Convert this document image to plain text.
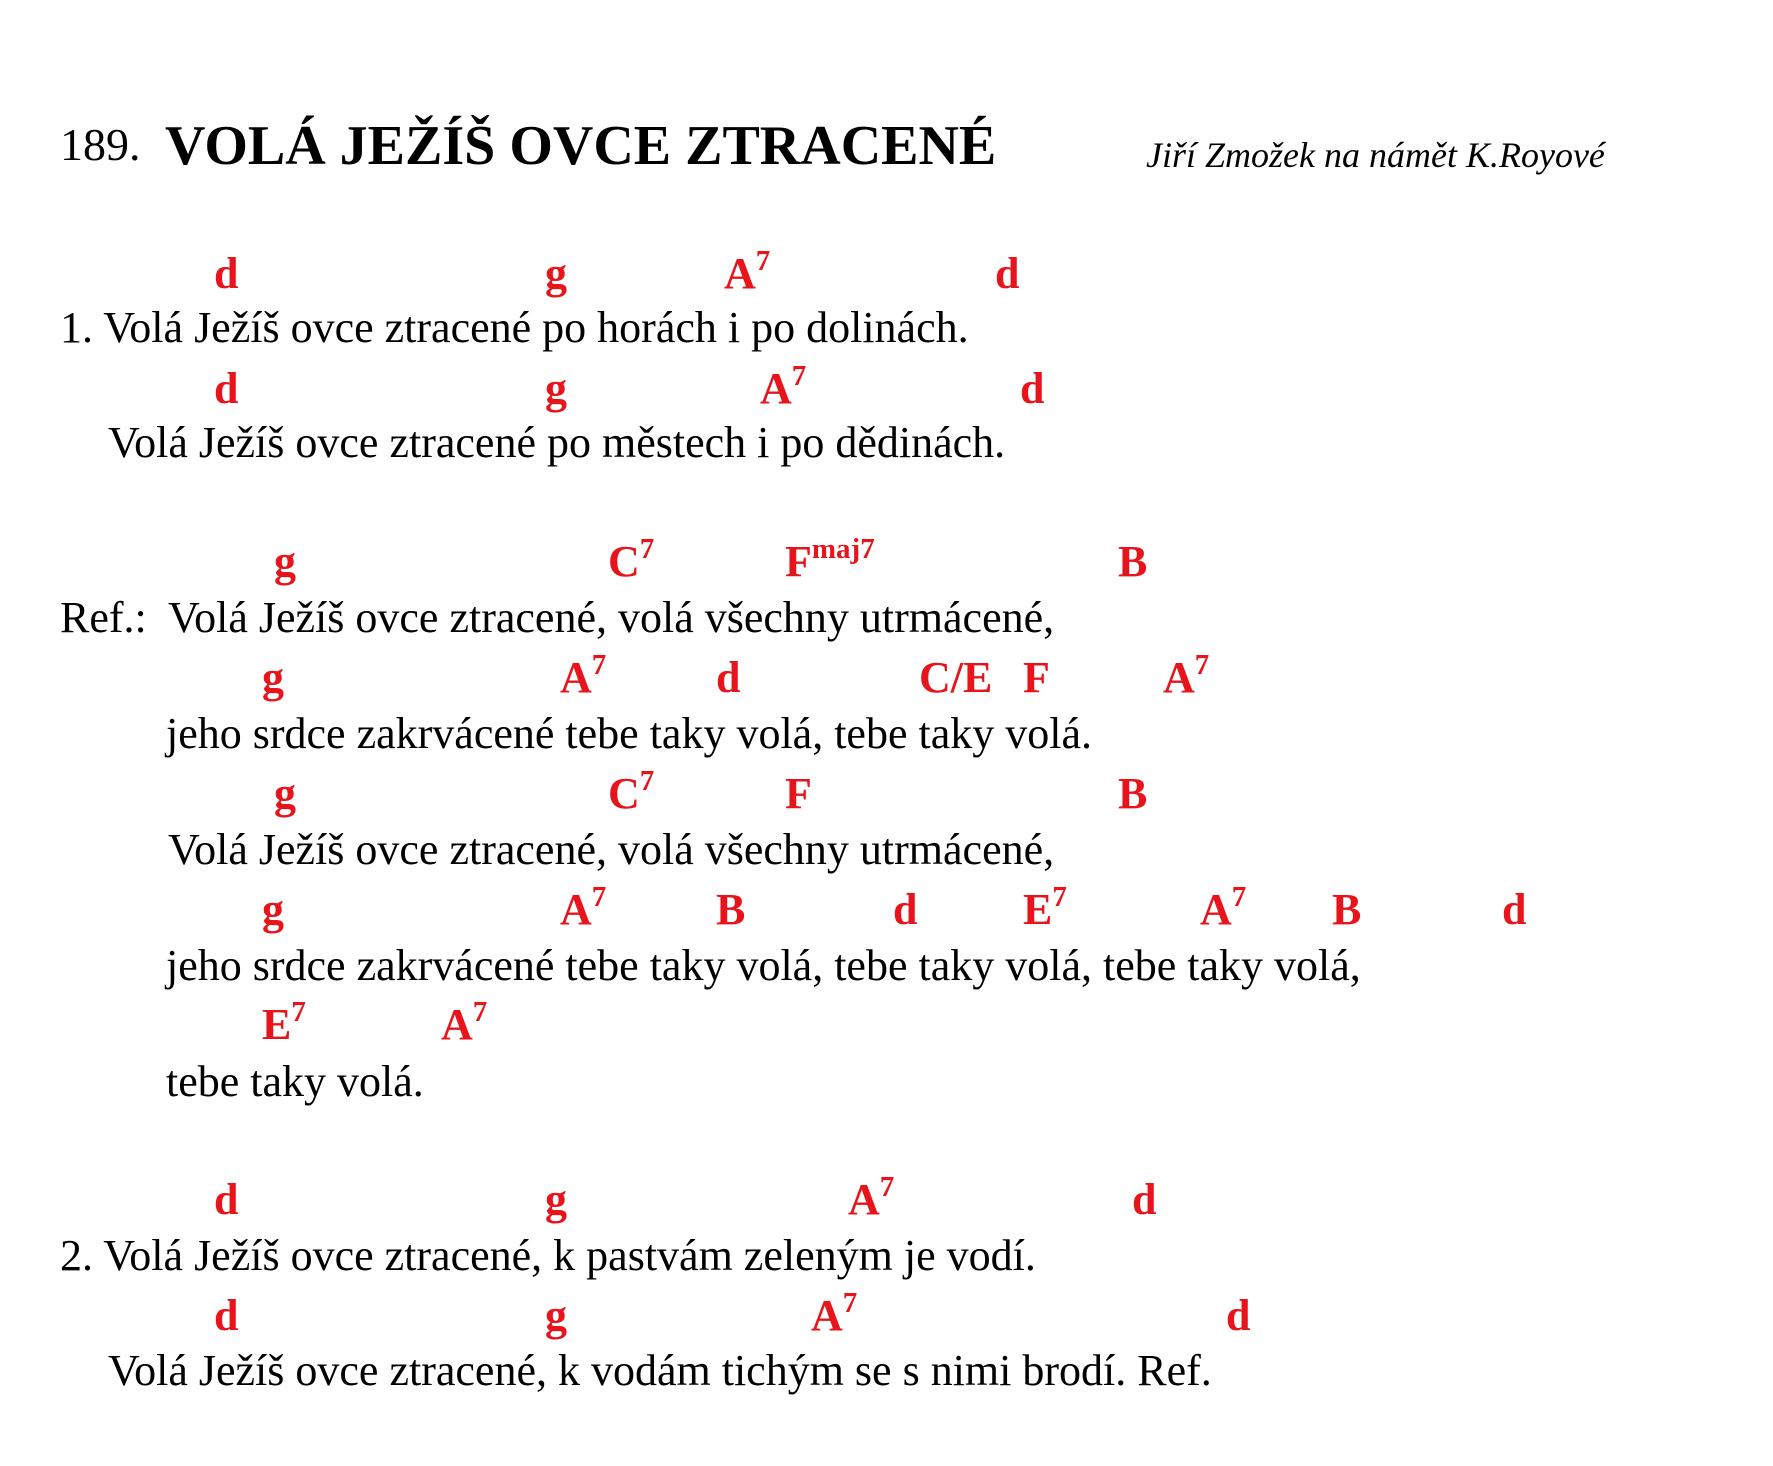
189. VOLÁ JEŽÍŠ OVCE ZTRACENÉ	Jiří Zmožek na námět K.Royové
d	g	$A^7$	d
1. Volá Ježíš ovce ztracené po horách i po dolinách.
d	g	$A^7$	d
Volá Ježíš ovce ztracené po městech i po dědinách.
g	$C^7$	$F^{maj7}$	B
Ref.: Volá Ježíš ovce ztracené, volá všechny utrmácené,
g	$A^7$ d	C/E F	$A^7$
jeho srdce zakrvácené tebe taky volá, tebe taky volá.
g	$C^7$	F	B
Volá Ježíš ovce ztracené, volá všechny utrmácené,
g	$A^7$ B	d $E^7$	$A^7$ B	d
jeho srdce zakrvácené tebe taky volá, tebe taky volá, tebe taky volá,
$E^7$	$A^7$
tebe taky volá.
d	g	$A^7$	d
2. Volá Ježíš ovce ztracené, k pastvám zeleným je vodí.
d	g	$A^7$	d
Volá Ježíš ovce ztracené, k vodám tichým se s nimi brodí. Ref.
